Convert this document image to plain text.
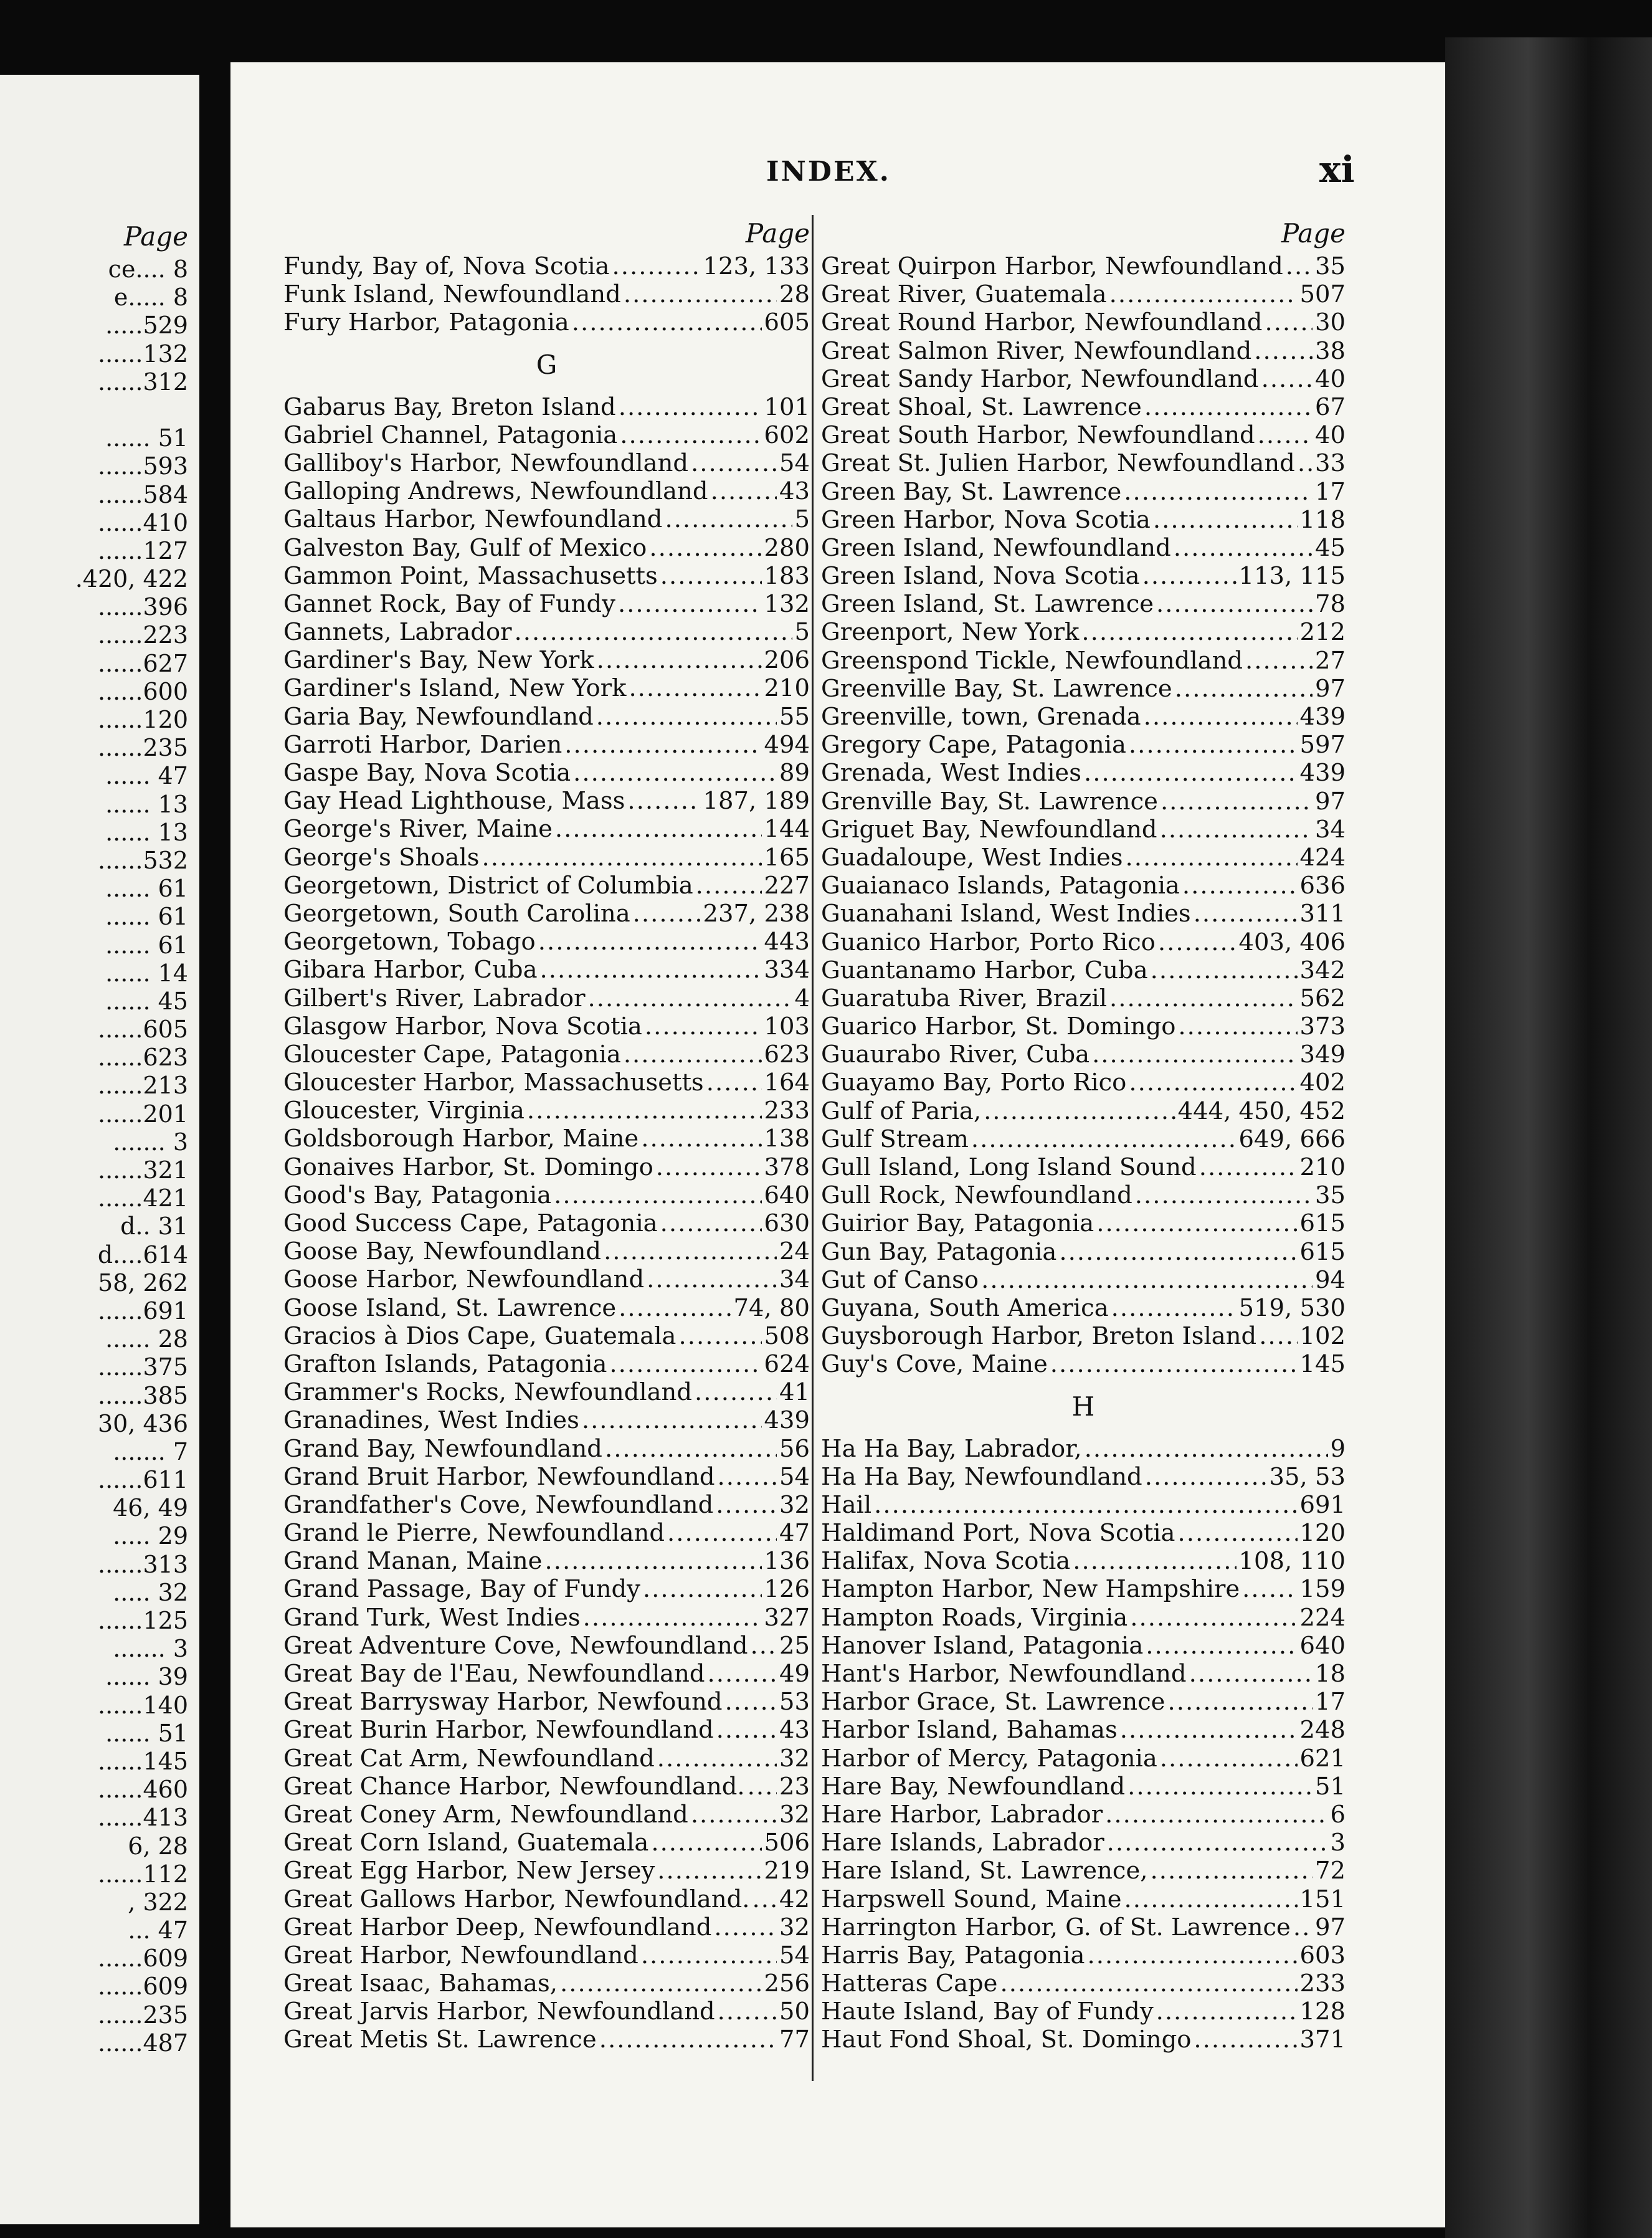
Page
ce.... 8
e..... 8
.....529
......132
......312
...... 51
......593
......584
......410
......127
.420, 422
......396
......223
......627
......600
......120
......235
...... 47
...... 13
...... 13
......532
...... 61
...... 61
...... 61
...... 14
...... 45
......605
......623
......213
......201
....... 3
......321
......421
d.. 31
d....614
58, 262
......691
...... 28
......375
......385
30, 436
....... 7
......611
46, 49
..... 29
......313
..... 32
......125
....... 3
...... 39
......140
...... 51
......145
......460
......413
6, 28
......112
, 322
... 47
......609
......609
......235
......487
INDEX.	xi
Page
Fundy, Bay of, Nova Scotia .....	123, 133
Funk Island, Newfoundland .....	28
Fury Harbor, Patagonia .....	605
G
Gabarus Bay, Breton Island .....	101
Gabriel Channel, Patagonia .....	602
Galliboy's Harbor, Newfoundland .....	54
Galloping Andrews, Newfoundland .....	43
Galtaus Harbor, Newfoundland .....	5
Galveston Bay, Gulf of Mexico .....	280
Gammon Point, Massachusetts .....	183
Gannet Rock, Bay of Fundy .....	132
Gannets, Labrador .....	5
Gardiner's Bay, New York .....	206
Gardiner's Island, New York .....	210
Garia Bay, Newfoundland .....	55
Garroti Harbor, Darien .....	494
Gaspe Bay, Nova Scotia .....	89
Gay Head Lighthouse, Mass .....	187, 189
George's River, Maine .....	144
George's Shoals .....	165
Georgetown, District of Columbia .....	227
Georgetown, South Carolina .....	237, 238
Georgetown, Tobago .....	443
Gibara Harbor, Cuba .....	334
Gilbert's River, Labrador .....	4
Glasgow Harbor, Nova Scotia .....	103
Gloucester Cape, Patagonia .....	623
Gloucester Harbor, Massachusetts .....	164
Gloucester, Virginia .....	233
Goldsborough Harbor, Maine .....	138
Gonaives Harbor, St. Domingo .....	378
Good's Bay, Patagonia .....	640
Good Success Cape, Patagonia .....	630
Goose Bay, Newfoundland .....	24
Goose Harbor, Newfoundland .....	34
Goose Island, St. Lawrence .....	74, 80
Gracios à Dios Cape, Guatemala .....	508
Grafton Islands, Patagonia .....	624
Grammer's Rocks, Newfoundland .....	41
Granadines, West Indies .....	439
Grand Bay, Newfoundland .....	56
Grand Bruit Harbor, Newfoundland .....	54
Grandfather's Cove, Newfoundland .....	32
Grand le Pierre, Newfoundland .....	47
Grand Manan, Maine .....	136
Grand Passage, Bay of Fundy .....	126
Grand Turk, West Indies .....	327
Great Adventure Cove, Newfoundland ..... 25
Great Bay de l'Eau, Newfoundland .....	49
Great Barrysway Harbor, Newfound ..... 53
Great Burin Harbor, Newfoundland .....	43
Great Cat Arm, Newfoundland .....	32
Great Chance Harbor, Newfoundland. ..... 23
Great Coney Arm, Newfoundland .....	32
Great Corn Island, Guatemala .....	506
Great Egg Harbor, New Jersey .....	219
Great Gallows Harbor, Newfoundland. ..... 42
Great Harbor Deep, Newfoundland .....	32
Great Harbor, Newfoundland .....	54
Great Isaac, Bahamas, .....	256
Great Jarvis Harbor, Newfoundland .....	50
Great Metis St. Lawrence .....	77
Page
Great Quirpon Harbor, Newfoundland ..... 35
Great River, Guatemala .....	507
Great Round Harbor, Newfoundland ..... 30
Great Salmon River, Newfoundland .....	38
Great Sandy Harbor, Newfoundland ..... 40
Great Shoal, St. Lawrence .....	67
Great South Harbor, Newfoundland .....	40
Great St. Julien Harbor, Newfoundland ..... 33
Green Bay, St. Lawrence .....	17
Green Harbor, Nova Scotia .....	118
Green Island, Newfoundland .....	45
Green Island, Nova Scotia .....	113, 115
Green Island, St. Lawrence .....	78
Greenport, New York .....	212
Greenspond Tickle, Newfoundland .....	27
Greenville Bay, St. Lawrence .....	97
Greenville, town, Grenada .....	439
Gregory Cape, Patagonia .....	597
Grenada, West Indies .....	439
Grenville Bay, St. Lawrence .....	97
Griguet Bay, Newfoundland .....	34
Guadaloupe, West Indies .....	424
Guaianaco Islands, Patagonia .....	636
Guanahani Island, West Indies .....	311
Guanico Harbor, Porto Rico .....	403, 406
Guantanamo Harbor, Cuba .....	342
Guaratuba River, Brazil .....	562
Guarico Harbor, St. Domingo .....	373
Guaurabo River, Cuba .....	349
Guayamo Bay, Porto Rico .....	402
Gulf of Paria, .....	444, 450, 452
Gulf Stream .....	649, 666
Gull Island, Long Island Sound .....	210
Gull Rock, Newfoundland .....	35
Guirior Bay, Patagonia .....	615
Gun Bay, Patagonia .....	615
Gut of Canso .....	94
Guyana, South America .....	519, 530
Guysborough Harbor, Breton Island ..... 102
Guy's Cove, Maine .....	145
H
Ha Ha Bay, Labrador, .....	9
Ha Ha Bay, Newfoundland .....	35, 53
Hail .....	691
Haldimand Port, Nova Scotia .....	120
Halifax, Nova Scotia .....	108, 110
Hampton Harbor, New Hampshire .....	159
Hampton Roads, Virginia .....	224
Hanover Island, Patagonia .....	640
Hant's Harbor, Newfoundland .....	18
Harbor Grace, St. Lawrence .....	17
Harbor Island, Bahamas .....	248
Harbor of Mercy, Patagonia .....	621
Hare Bay, Newfoundland .....	51
Hare Harbor, Labrador .....	6
Hare Islands, Labrador .....	3
Hare Island, St. Lawrence, .....	72
Harpswell Sound, Maine .....	151
Harrington Harbor, G. of St. Lawrence ..... 97
Harris Bay, Patagonia .....	603
Hatteras Cape .....	233
Haute Island, Bay of Fundy .....	128
Haut Fond Shoal, St. Domingo .....	371
